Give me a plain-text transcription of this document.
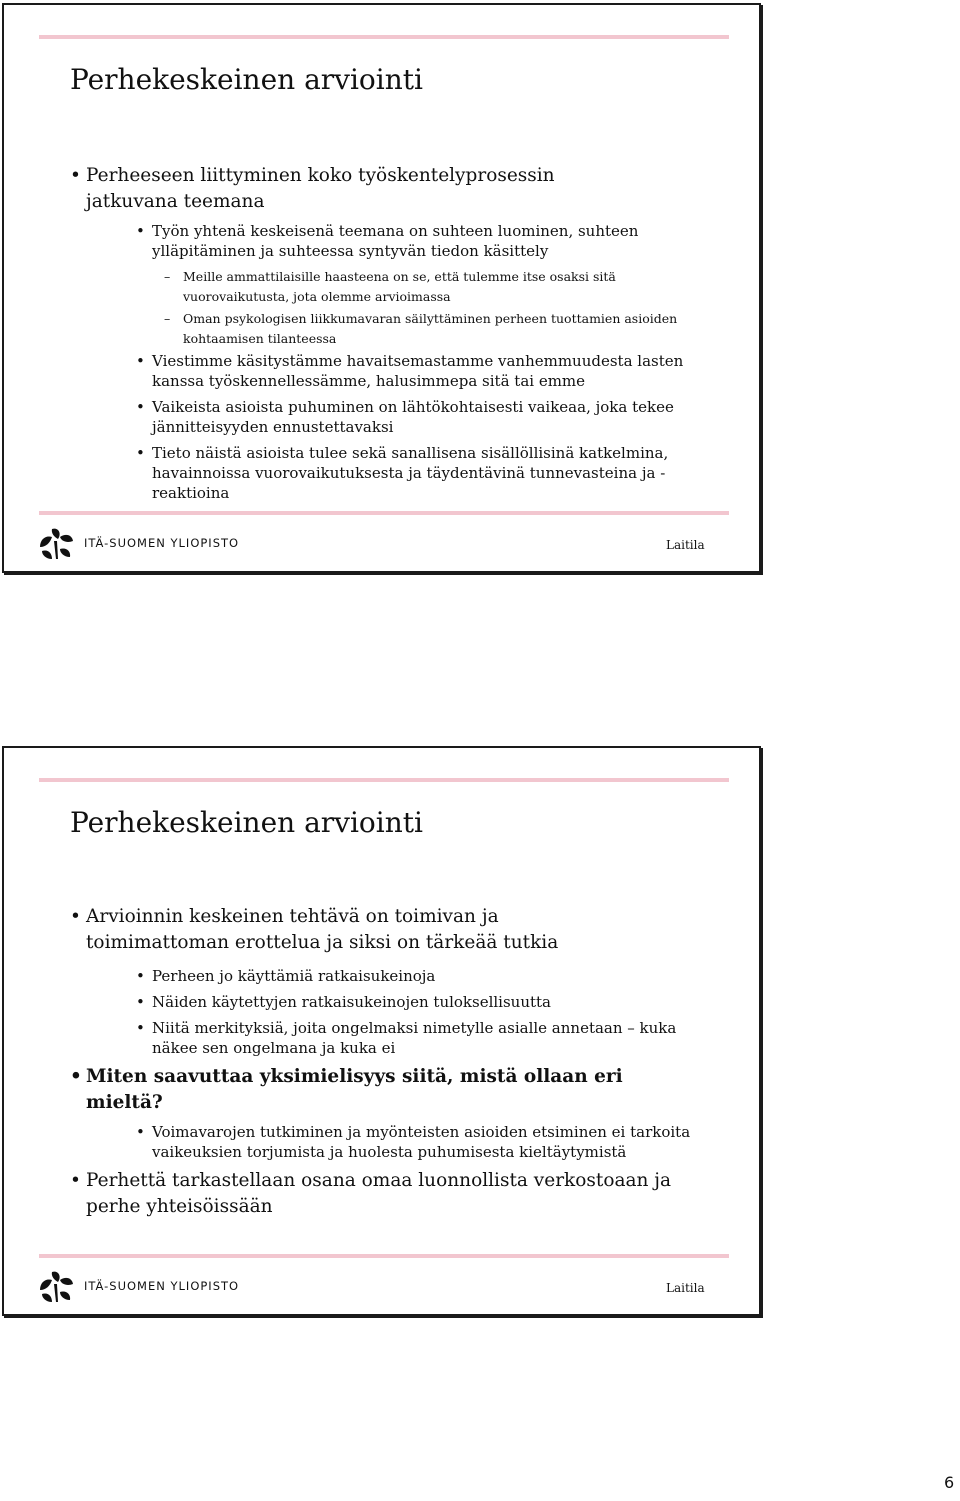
Perhekeskeinen arviointi
• Perheeseen liittyminen koko työskentelyprosessin jatkuvana teemana
• Työn yhtenä keskeisenä teemana on suhteen luominen, suhteen ylläpitäminen ja suhteessa syntyvän tiedon käsittely
– Meille ammattilaisille haasteena on se, että tulemme itse osaksi sitä vuorovaikutusta, jota olemme arvioimassa
– Oman psykologisen liikkumavaran säilyttäminen perheen tuottamien asioiden kohtaamisen tilanteessa
• Viestimme käsitystämme havaitsemastamme vanhemmuudesta lasten kanssa työskennellessämme, halusimmepa sitä tai emme
• Vaikeista asioista puhuminen on lähtökohtaisesti vaikeaa, joka tekee jännitteisyyden ennustettavaksi
• Tieto näistä asioista tulee sekä sanallisena sisällöllisinä katkelmina, havainnoissa vuorovaikutuksesta ja täydentävinä tunnevasteina ja - reaktioina
ITÄ-SUOMEN YLIOPISTO	Laitila
Perhekeskeinen arviointi
• Arvioinnin keskeinen tehtävä on toimivan ja toimimattoman erottelua ja siksi on tärkeää tutkia
• Perheen jo käyttämiä ratkaisukeinoja
• Näiden käytettyjen ratkaisukeinojen tuloksellisuutta
• Niitä merkityksiä, joita ongelmaksi nimetylle asialle annetaan – kuka näkee sen ongelmana ja kuka ei
• Miten saavuttaa yksimielisyys siitä, mistä ollaan eri mieltä?
• Voimavarojen tutkiminen ja myönteisten asioiden etsiminen ei tarkoita vaikeuksien torjumista ja huolesta puhumisesta kieltäytymistä
• Perhettä tarkastellaan osana omaa luonnollista verkostoaan ja perhe yhteisöissään
ITÄ-SUOMEN YLIOPISTO	Laitila
6
